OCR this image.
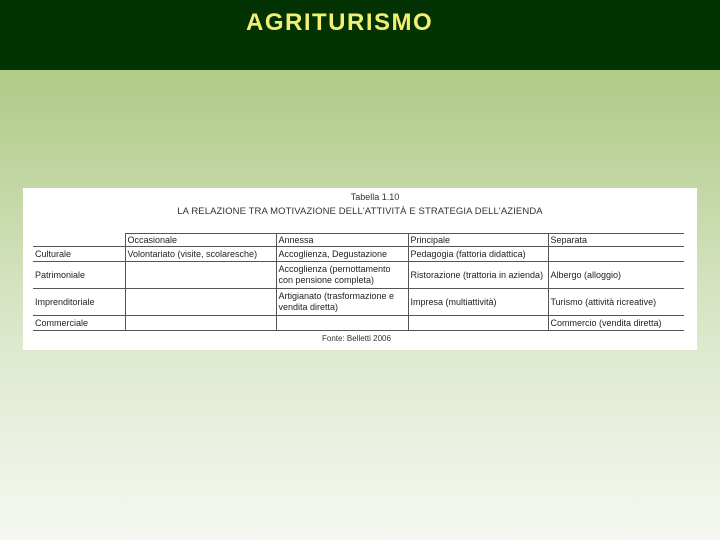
AGRITURISMO
Tabella 1.10
LA RELAZIONE TRA MOTIVAZIONE DELL'ATTIVITÀ E STRATEGIA DELL'AZIENDA
	Occasionale	Annessa	Principale	Separata
Culturale	Volontariato (visite, scolaresche)	Accoglienza, Degustazione	Pedagogia (fattoria didattica)	
Patrimoniale		Accoglienza (pernottamento con pensione completa)	Ristorazione (trattoria in azienda)	Albergo (alloggio)
Imprenditoriale		Artigianato (trasformazione e vendita diretta)	Impresa (multiattività)	Turismo (attività ricreative)
Commerciale				Commercio (vendita diretta)
Fonte: Belletti 2006
